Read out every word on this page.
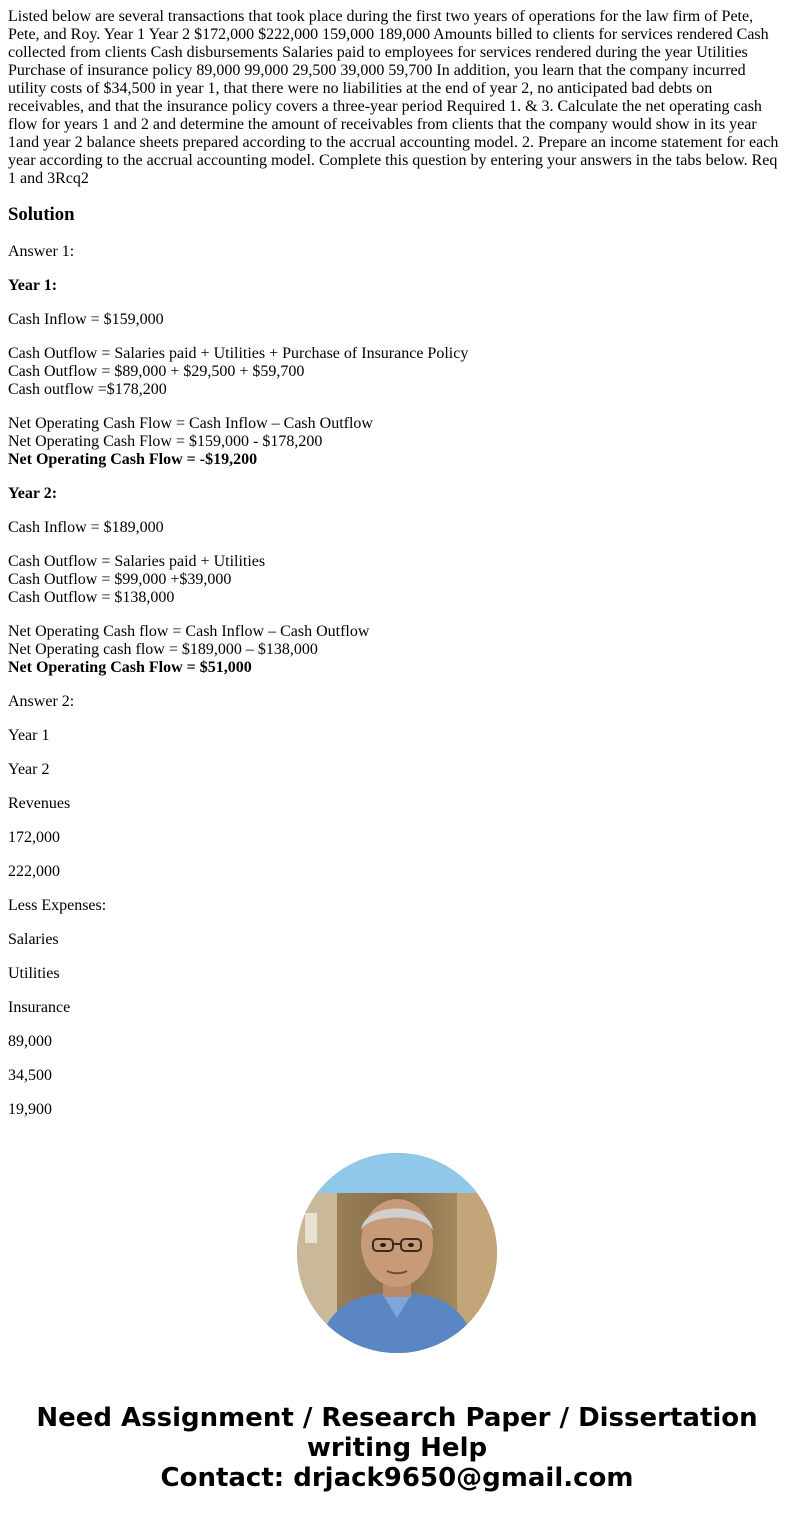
Listed below are several transactions that took place during the first two years of operations for the law firm of Pete, Pete, and Roy. Year 1 Year 2 $172,000 $222,000 159,000 189,000 Amounts billed to clients for services rendered Cash collected from clients Cash disbursements Salaries paid to employees for services rendered during the year Utilities Purchase of insurance policy 89,000 99,000 29,500 39,000 59,700 In addition, you learn that the company incurred utility costs of $34,500 in year 1, that there were no liabilities at the end of year 2, no anticipated bad debts on receivables, and that the insurance policy covers a three-year period Required 1. & 3. Calculate the net operating cash flow for years 1 and 2 and determine the amount of receivables from clients that the company would show in its year 1and year 2 balance sheets prepared according to the accrual accounting model. 2. Prepare an income statement for each year according to the accrual accounting model. Complete this question by entering your answers in the tabs below. Req 1 and 3Rcq2

Solution

Answer 1:

Year 1:

Cash Inflow = $159,000

Cash Outflow = Salaries paid + Utilities + Purchase of Insurance Policy
Cash Outflow = $89,000 + $29,500 + $59,700
Cash outflow =$178,200

Net Operating Cash Flow = Cash Inflow – Cash Outflow
Net Operating Cash Flow = $159,000 - $178,200
Net Operating Cash Flow = -$19,200

Year 2:

Cash Inflow = $189,000

Cash Outflow = Salaries paid + Utilities
Cash Outflow = $99,000 +$39,000
Cash Outflow = $138,000

Net Operating Cash flow = Cash Inflow – Cash Outflow
Net Operating cash flow = $189,000 – $138,000
Net Operating Cash Flow = $51,000

Answer 2:

Year 1

Year 2

Revenues

172,000

222,000

Less Expenses:

Salaries

Utilities

Insurance

89,000

34,500

19,900

Need Assignment / Research Paper / Dissertation
writing Help
Contact: drjack9650@gmail.com
